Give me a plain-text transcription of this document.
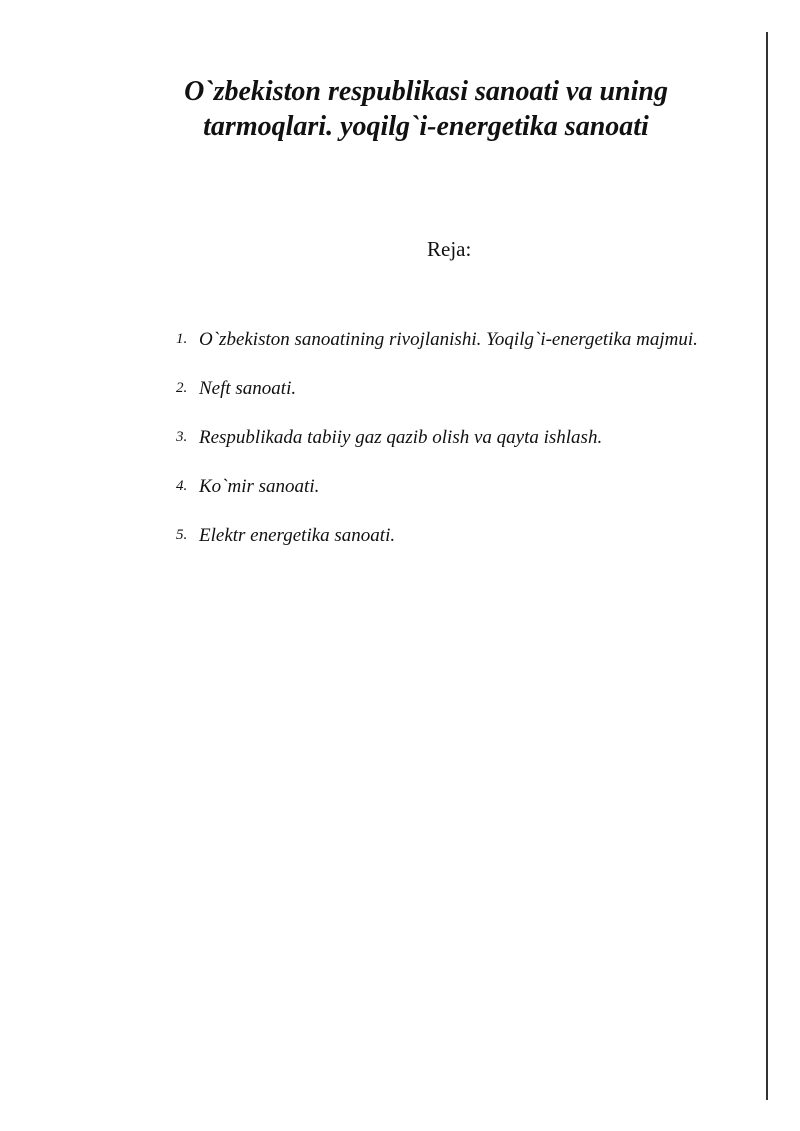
O`zbekiston respublikasi sanoati va uning tarmoqlari. yoqilg`i-energetika sanoati

Reja:

1. O`zbekiston sanoatining rivojlanishi. Yoqilg`i-energetika majmui.
2. Neft sanoati.
3. Respublikada tabiiy gaz qazib olish va qayta ishlash.
4. Ko`mir sanoati.
5. Elektr energetika sanoati.
